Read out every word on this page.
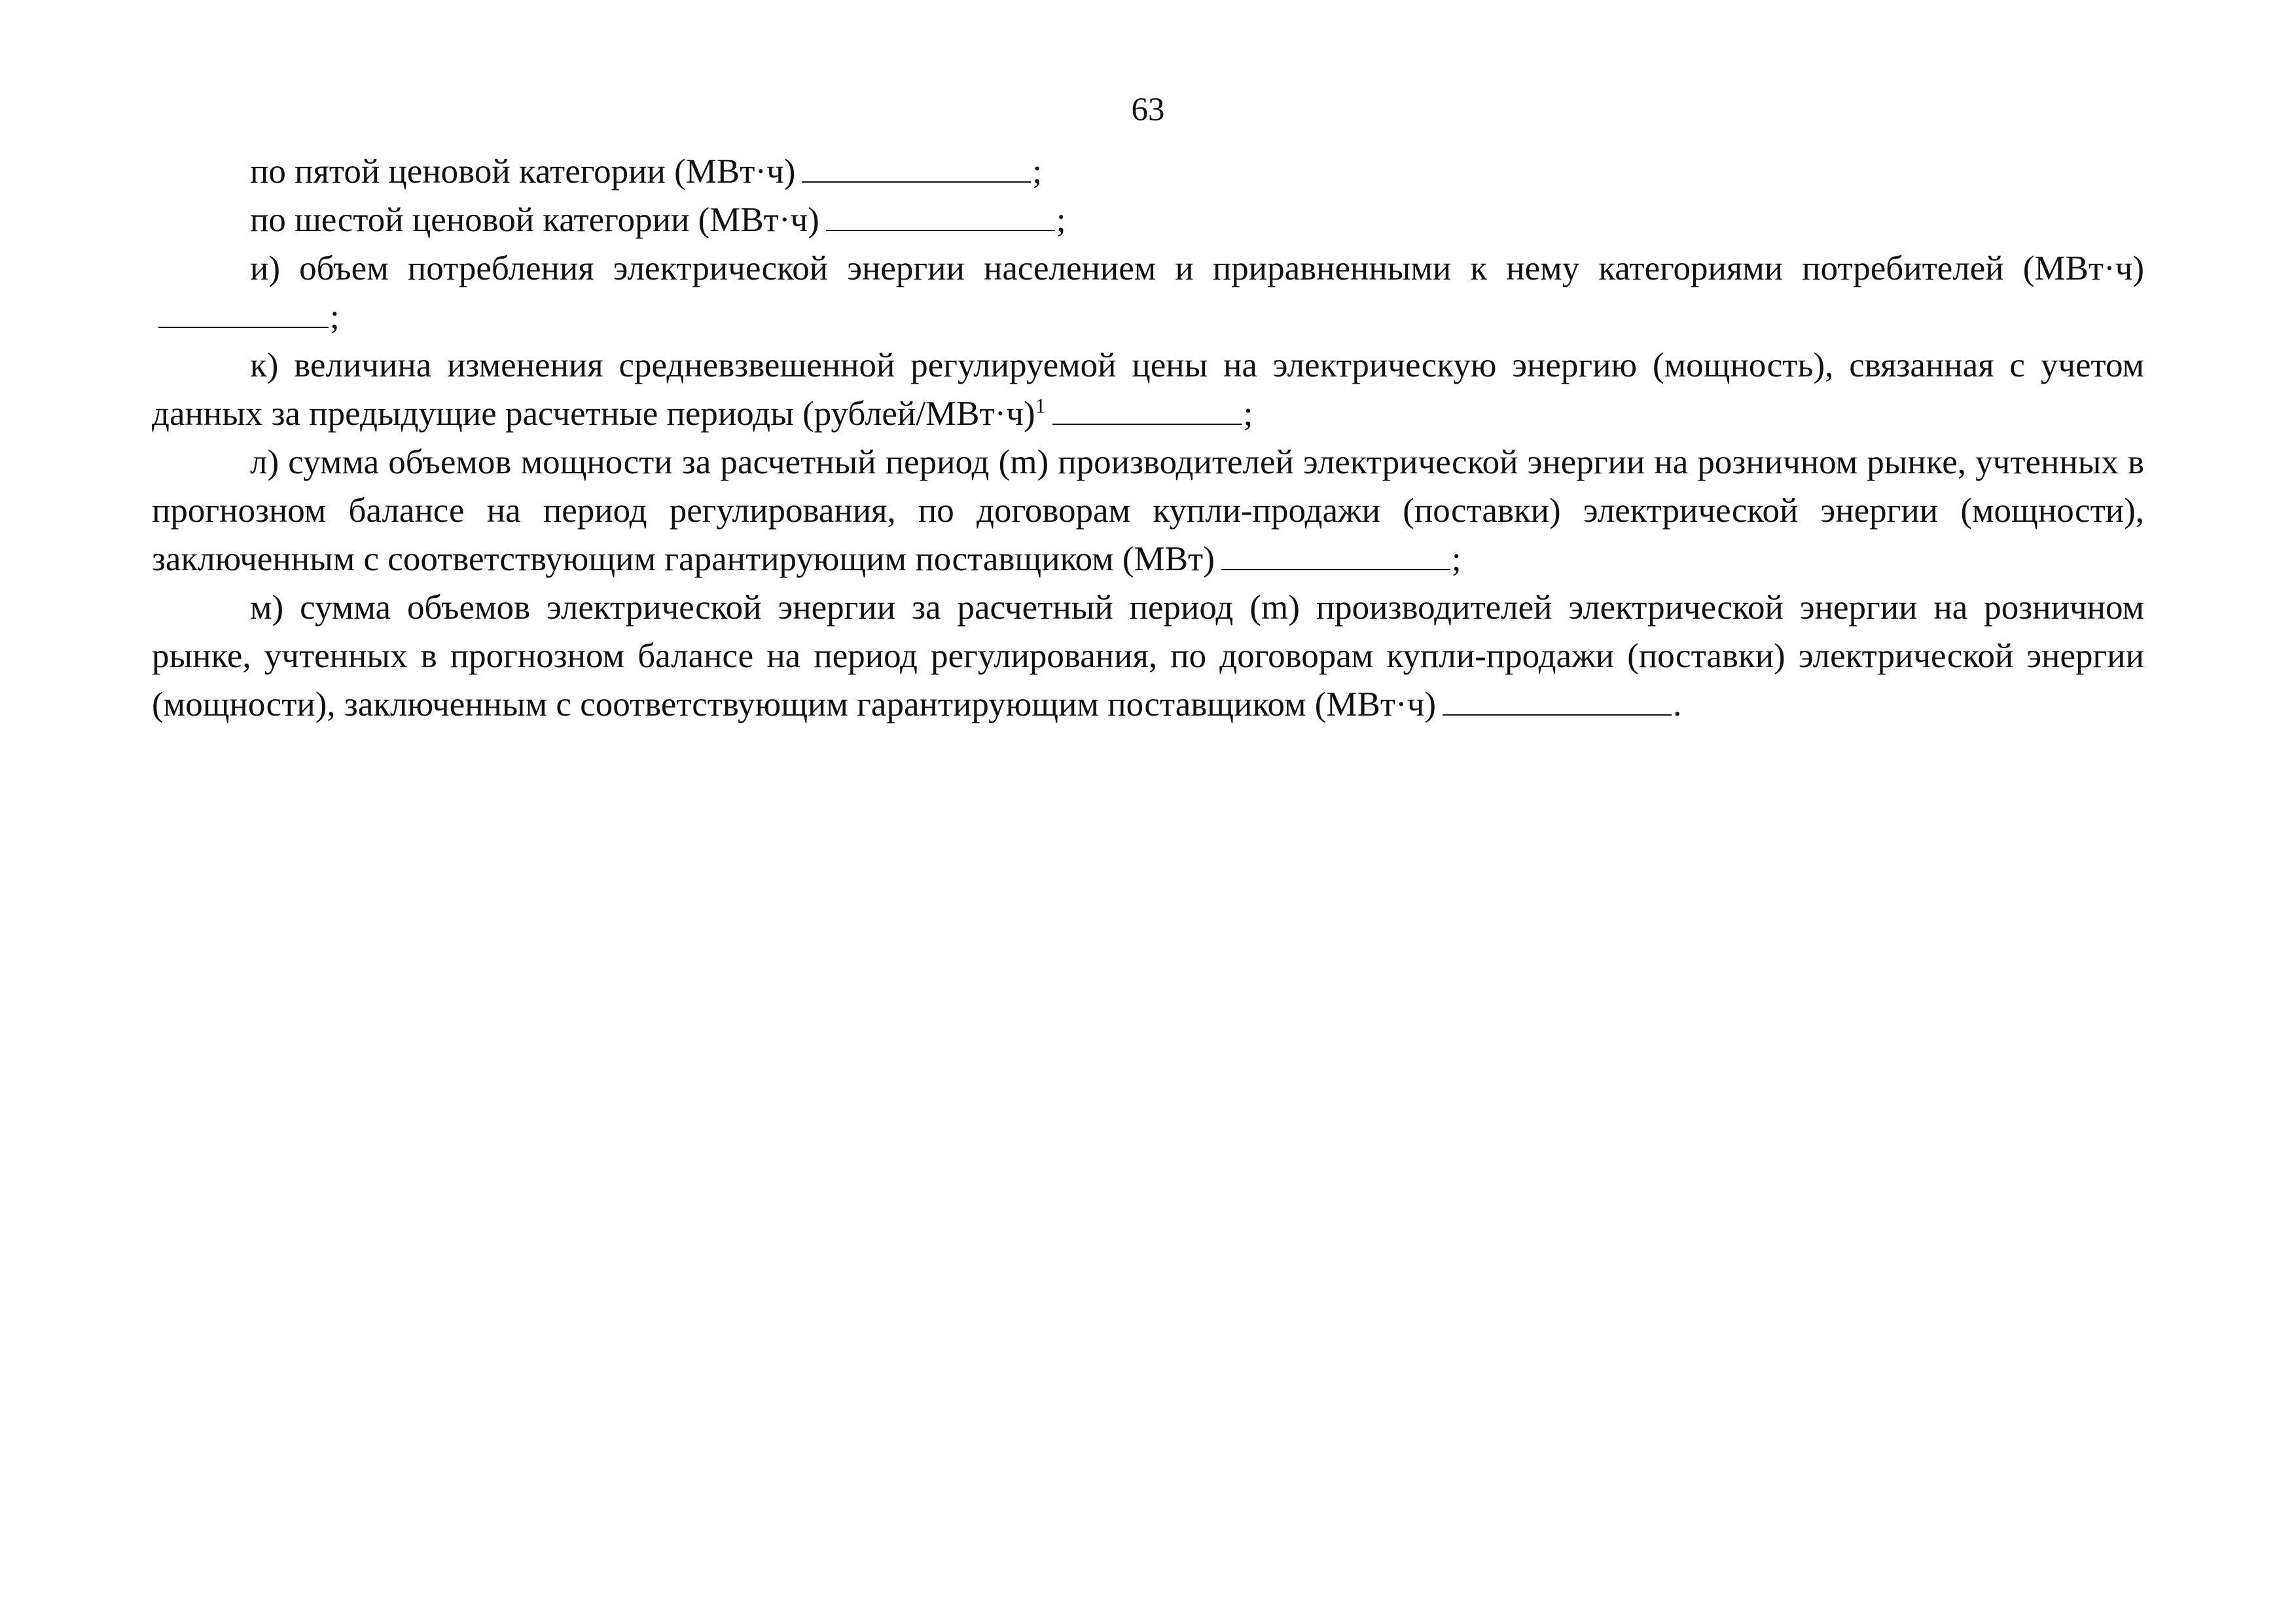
63

по пятой ценовой категории (МВт·ч)	;

по шестой ценовой категории (МВт·ч)	;

и) объем потребления электрической энергии населением и приравненными к нему категориями потребителей (МВт·ч);

к) величина изменения средневзвешенной регулируемой цены на электрическую энергию (мощность), связанная с учетом данных за предыдущие расчетные периоды (рублей/МВт·ч)$^1$	;

л) сумма объемов мощности за расчетный период (m) производителей электрической энергии на розничном рынке, учтенных в прогнозном балансе на период регулирования, по договорам купли-продажи (поставки) электрической энергии (мощности), заключенным с соответствующим гарантирующим поставщиком (МВт)	;

м) сумма объемов электрической энергии за расчетный период (m) производителей электрической энергии на розничном рынке, учтенных в прогнозном балансе на период регулирования, по договорам купли-продажи (поставки) электрической энергии (мощности), заключенным с соответствующим гарантирующим поставщиком (МВт·ч)	.
